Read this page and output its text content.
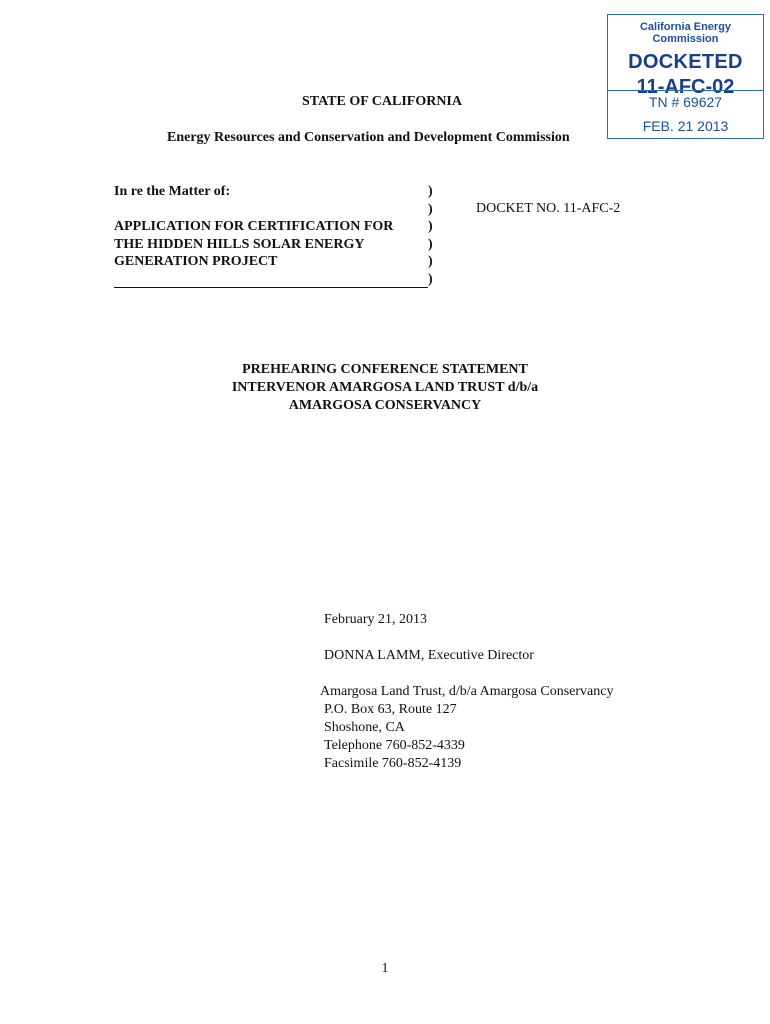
California Energy Commission
DOCKETED
11-AFC-02
TN # 69627
FEB. 21 2013
STATE OF CALIFORNIA
Energy Resources and Conservation and Development Commission
In re the Matter of:
APPLICATION FOR CERTIFICATION FOR
THE HIDDEN HILLS SOLAR ENERGY
GENERATION PROJECT
)
)
)
)
)
)
DOCKET NO. 11-AFC-2
PREHEARING CONFERENCE STATEMENT
INTERVENOR AMARGOSA LAND TRUST d/b/a
AMARGOSA CONSERVANCY
February 21, 2013
DONNA LAMM, Executive Director
Amargosa Land Trust, d/b/a Amargosa Conservancy
P.O. Box 63, Route 127
Shoshone, CA
Telephone 760-852-4339
Facsimile 760-852-4139
1
